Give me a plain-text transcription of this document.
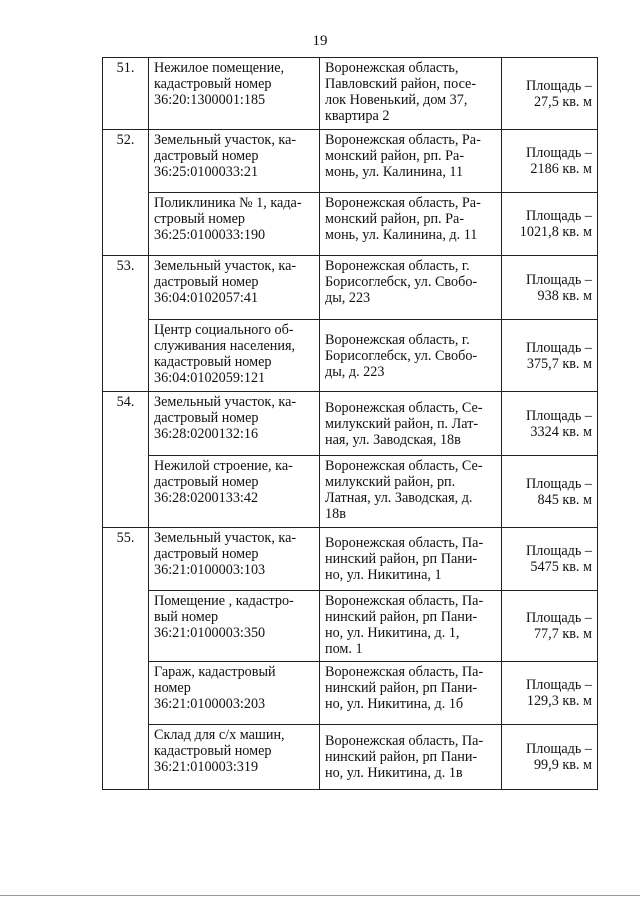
19
51.	Нежилое помещение,
кадастровый номер
36:20:1300001:185	Воронежская область,
Павловский район, посе-
лок Новенький, дом 37,
квартира 2	Площадь –
27,5 кв. м

52.	Земельный участок, ка-
дастровый номер
36:25:0100033:21	Воронежская область, Ра-
монский район, рп. Ра-
монь, ул. Калинина, 11	Площадь –
2186 кв. м

	Поликлиника № 1, када-
стровый номер
36:25:0100033:190	Воронежская область, Ра-
монский район, рп. Ра-
монь, ул. Калинина, д. 11	Площадь –
1021,8 кв. м

53.	Земельный участок, ка-
дастровый номер
36:04:0102057:41	Воронежская область, г.
Борисоглебск, ул. Свобо-
ды, 223	Площадь –
938 кв. м

	Центр социального об-
служивания населения,
кадастровый номер
36:04:0102059:121	Воронежская область, г.
Борисоглебск, ул. Свобо-
ды, д. 223	Площадь –
375,7 кв. м

54.	Земельный участок, ка-
дастровый номер
36:28:0200132:16	Воронежская область, Се-
милукский район, п. Лат-
ная, ул. Заводская, 18в	Площадь –
3324 кв. м

	Нежилой строение, ка-
дастровый номер
36:28:0200133:42	Воронежская область, Се-
милукский район, рп.
Латная, ул. Заводская, д.
18в	Площадь –
845 кв. м

55.	Земельный участок, ка-
дастровый номер
36:21:0100003:103	Воронежская область, Па-
нинский район, рп Пани-
но, ул. Никитина, 1	Площадь –
5475 кв. м

	Помещение , кадастро-
вый номер
36:21:0100003:350	Воронежская область, Па-
нинский район, рп Пани-
но, ул. Никитина, д. 1,
пом. 1	Площадь –
77,7 кв. м

	Гараж, кадастровый
номер
36:21:0100003:203	Воронежская область, Па-
нинский район, рп Пани-
но, ул. Никитина, д. 1б	Площадь –
129,3 кв. м

	Склад для с/х машин,
кадастровый номер
36:21:010003:319	Воронежская область, Па-
нинский район, рп Пани-
но, ул. Никитина, д. 1в	Площадь –
99,9 кв. м
